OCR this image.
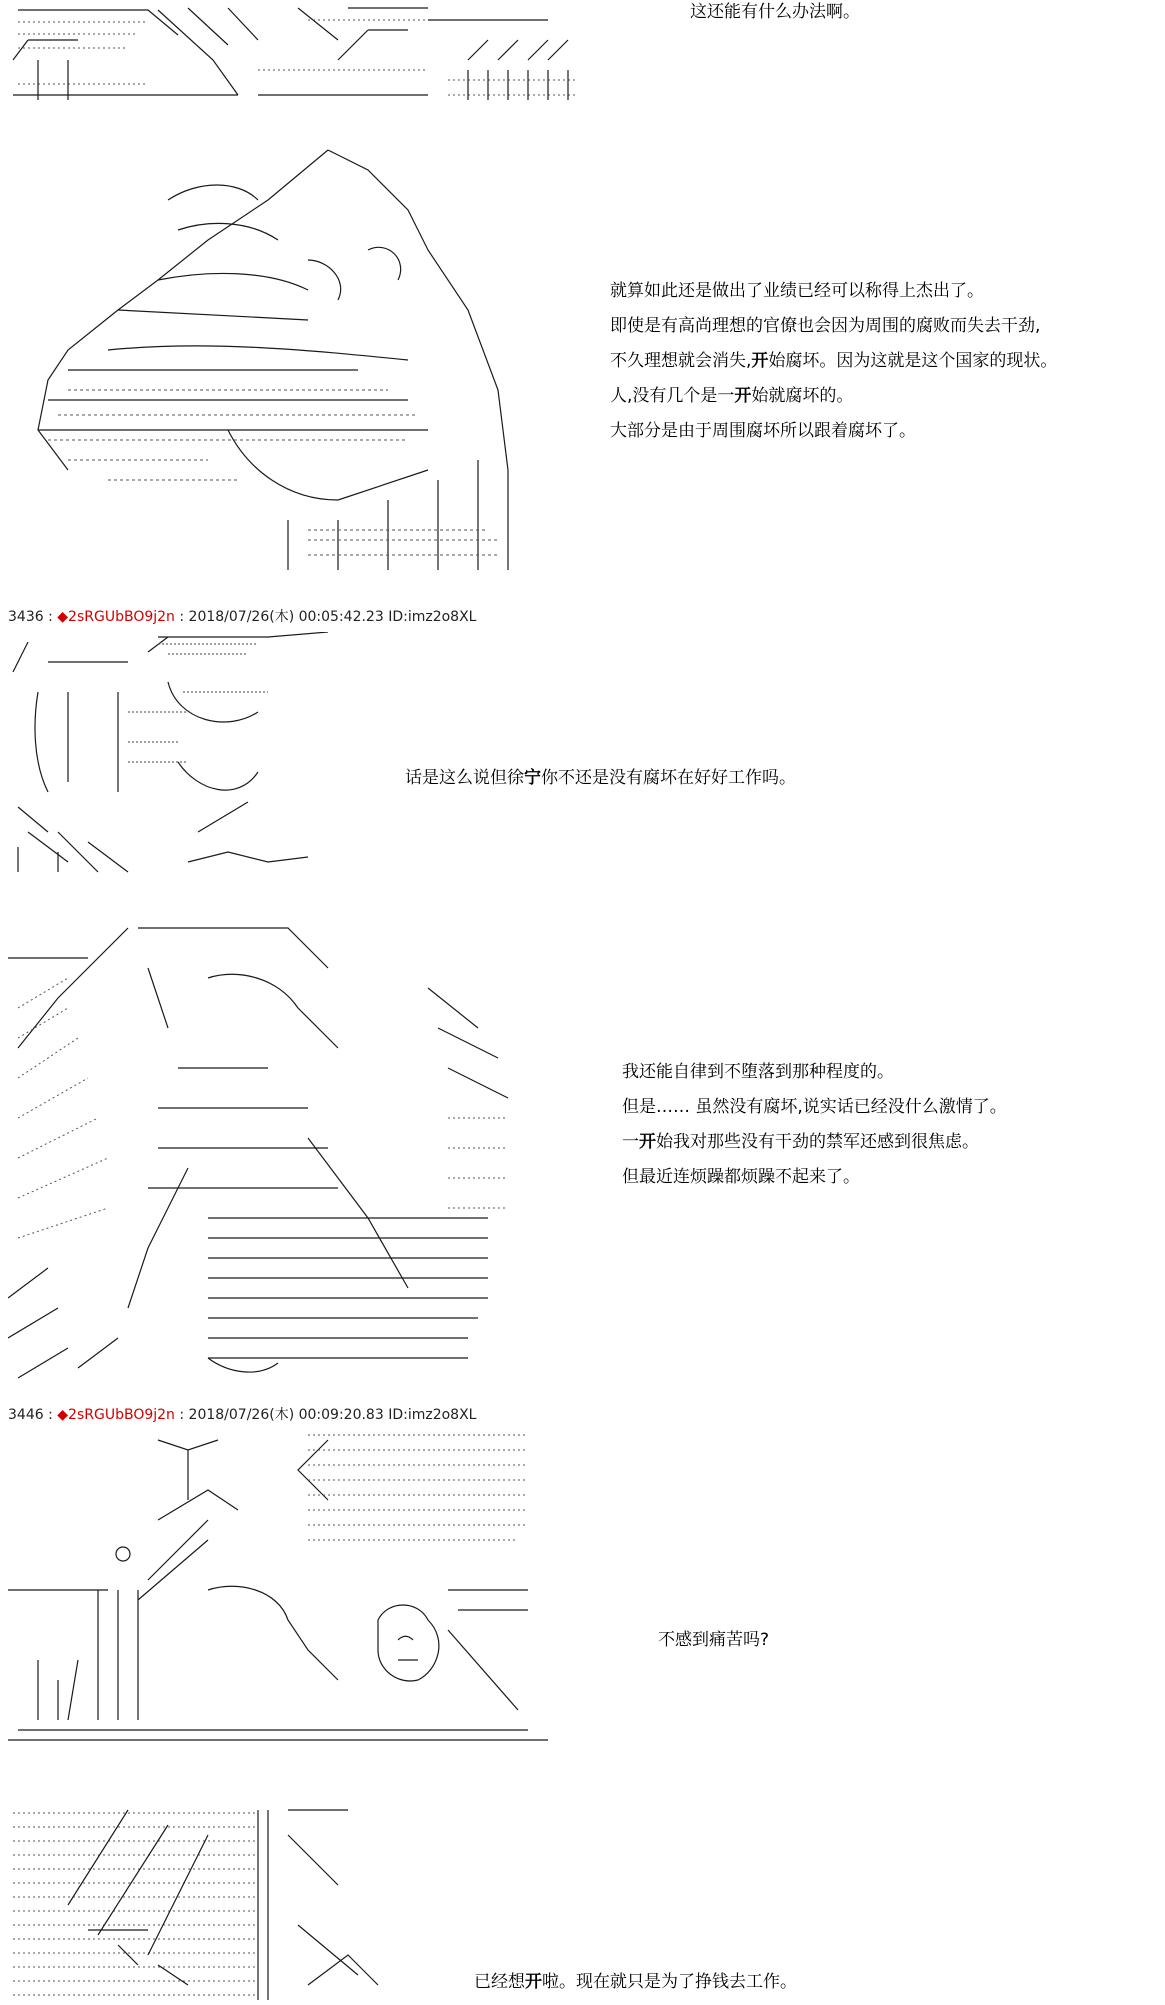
3436 : ◆2sRGUbBO9j2n : 2018/07/26(木) 00:05:42.23 ID:imz2o8XL
3446 : ◆2sRGUbBO9j2n : 2018/07/26(木) 00:09:20.83 ID:imz2o8XL

这还能有什么办法啊。

就算如此还是做出了业绩已经可以称得上杰出了。

即使是有高尚理想的官僚也会因为周围的腐败而失去干劲,

不久理想就会消失,开始腐坏。因为这就是这个国家的现状。

人,没有几个是一开始就腐坏的。

大部分是由于周围腐坏所以跟着腐坏了。

话是这么说但徐宁你不还是没有腐坏在好好工作吗。

我还能自律到不堕落到那种程度的。

但是…… 虽然没有腐坏,说实话已经没什么激情了。

一开始我对那些没有干劲的禁军还感到很焦虑。

但最近连烦躁都烦躁不起来了。

不感到痛苦吗?

已经想开啦。现在就只是为了挣钱去工作。
